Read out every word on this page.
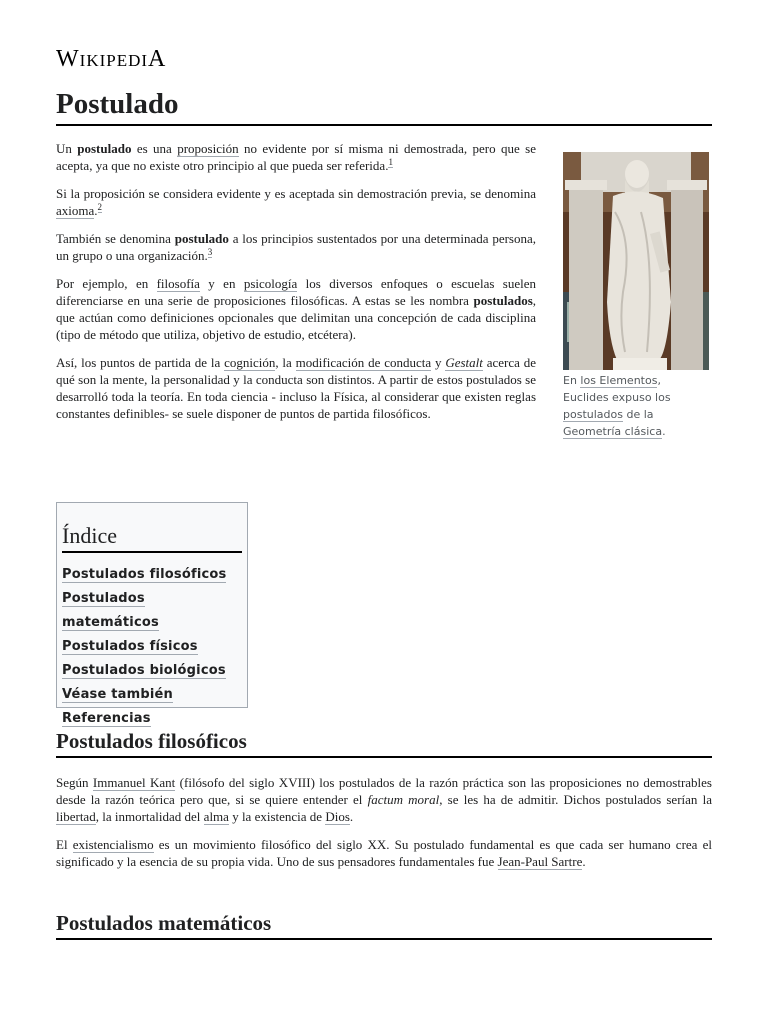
WIKIPEDIA
Postulado

Un postulado es una proposición no evidente por sí misma ni demostrada, pero que se acepta, ya que no existe otro principio al que pueda ser referida.$^1$

Si la proposición se considera evidente y es aceptada sin demostración previa, se denomina axioma.$^2$

También se denomina postulado a los principios sustentados por una determinada persona, un grupo o una organización.$^3$

Por ejemplo, en filosofía y en psicología los diversos enfoques o escuelas suelen diferenciarse en una serie de proposiciones filosóficas. A estas se les nombra postulados, que actúan como definiciones opcionales que delimitan una concepción de cada disciplina (tipo de método que utiliza, objetivo de estudio, etcétera).

Así, los puntos de partida de la cognición, la modificación de conducta y Gestalt acerca de qué son la mente, la personalidad y la conducta son distintos. A partir de estos postulados se desarrolló toda la teoría. En toda ciencia - incluso la Física, al considerar que existen reglas constantes definibles- se suele disponer de puntos de partida filosóficos.

En los Elementos, Euclides expuso los postulados de la Geometría clásica.
Índice
Postulados filosóficos
Postulados matemáticos
Postulados físicos
Postulados biológicos
Véase también
Referencias
Postulados filosóficos

Según Immanuel Kant (filósofo del siglo XVIII) los postulados de la razón práctica son las proposiciones no demostrables desde la razón teórica pero que, si se quiere entender el factum moral, se les ha de admitir. Dichos postulados serían la libertad, la inmortalidad del alma y la existencia de Dios.

El existencialismo es un movimiento filosófico del siglo XX. Su postulado fundamental es que cada ser humano crea el significado y la esencia de su propia vida. Uno de sus pensadores fundamentales fue Jean-Paul Sartre.

Postulados matemáticos
